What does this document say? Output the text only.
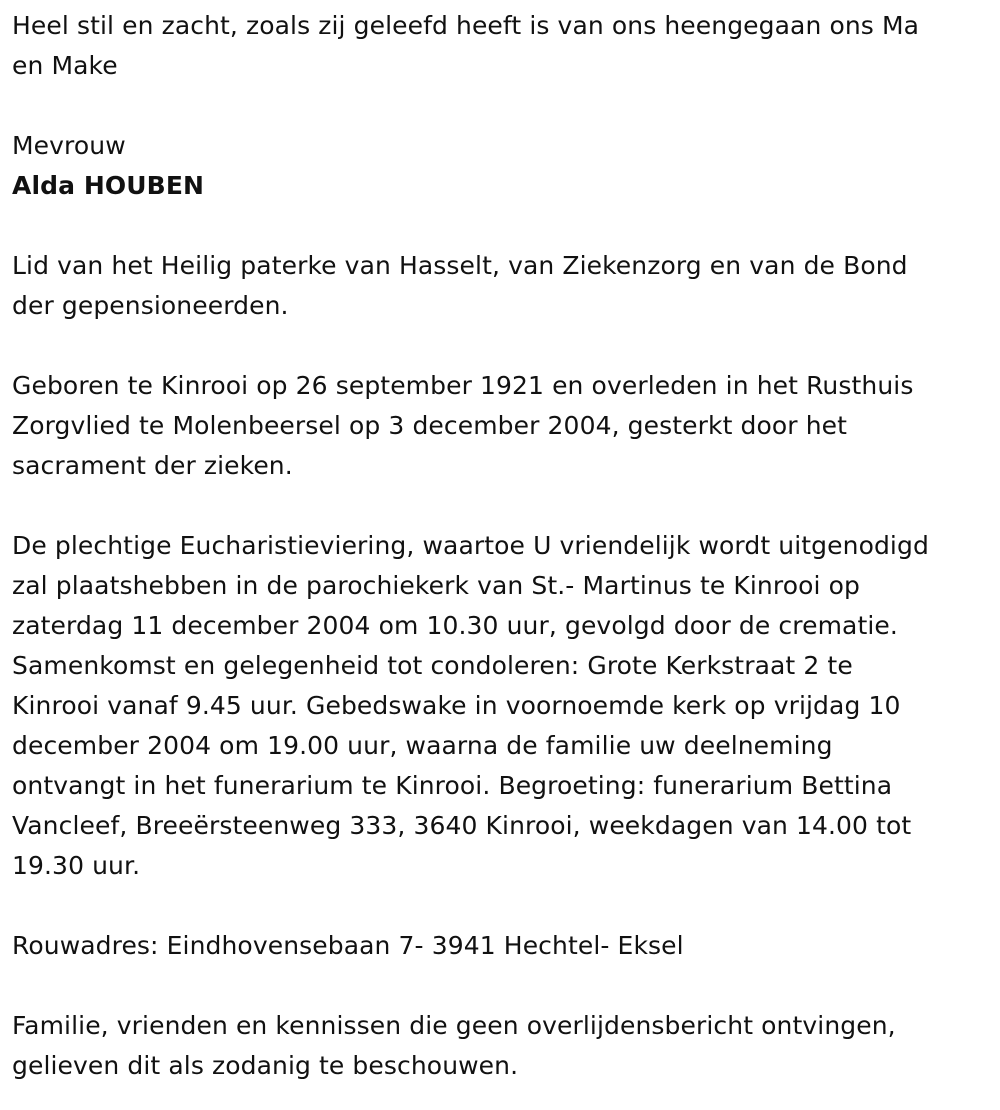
Heel stil en zacht, zoals zij geleefd heeft is van ons heengegaan ons Ma
en Make

Mevrouw

Alda HOUBEN

Lid van het Heilig paterke van Hasselt, van Ziekenzorg en van de Bond
der gepensioneerden.

Geboren te Kinrooi op 26 september 1921 en overleden in het Rusthuis
Zorgvlied te Molenbeersel op 3 december 2004, gesterkt door het
sacrament der zieken.

De plechtige Eucharistieviering, waartoe U vriendelijk wordt uitgenodigd
zal plaatshebben in de parochiekerk van St.- Martinus te Kinrooi op
zaterdag 11 december 2004 om 10.30 uur, gevolgd door de crematie.
Samenkomst en gelegenheid tot condoleren: Grote Kerkstraat 2 te
Kinrooi vanaf 9.45 uur. Gebedswake in voornoemde kerk op vrijdag 10
december 2004 om 19.00 uur, waarna de familie uw deelneming
ontvangt in het funerarium te Kinrooi. Begroeting: funerarium Bettina
Vancleef, Breeërsteenweg 333, 3640 Kinrooi, weekdagen van 14.00 tot
19.30 uur.

Rouwadres: Eindhovensebaan 7- 3941 Hechtel- Eksel

Familie, vrienden en kennissen die geen overlijdensbericht ontvingen,
gelieven dit als zodanig te beschouwen.
